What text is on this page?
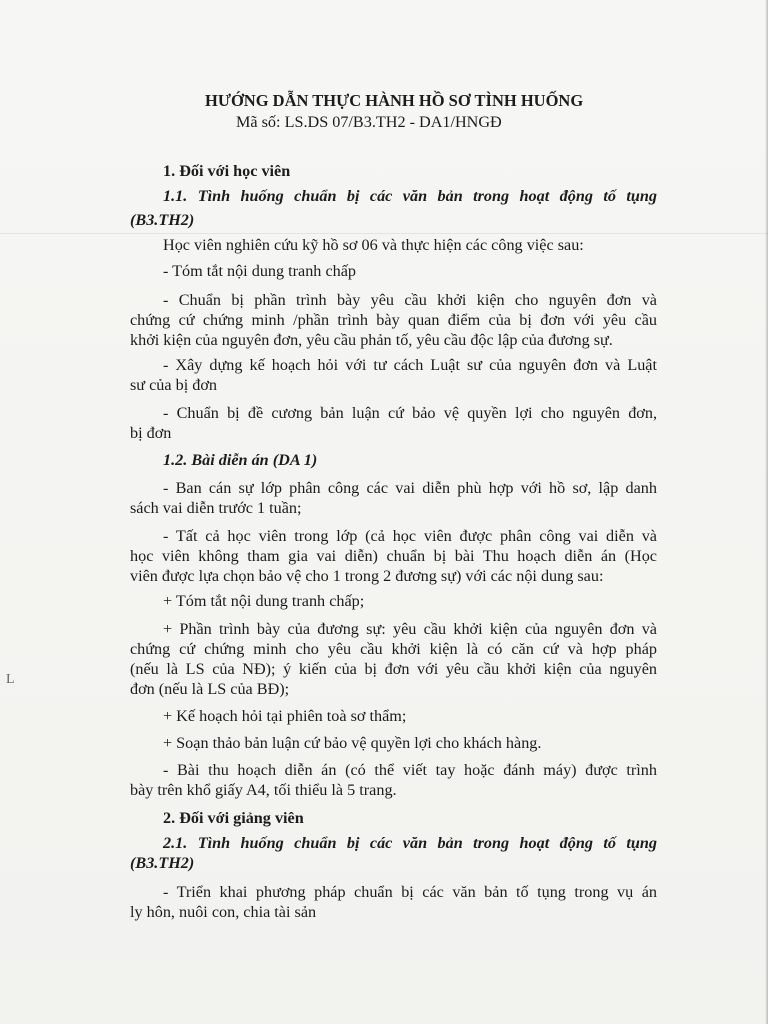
L
HƯỚNG DẪN THỰC HÀNH HỒ SƠ TÌNH HUỐNG
Mã số: LS.DS 07/B3.TH2 - DA1/HNGĐ
1. Đối với học viên
1.1. Tình huống chuẩn bị các văn bản trong hoạt động tố tụng
(B3.TH2)
Học viên nghiên cứu kỹ hồ sơ 06 và thực hiện các công việc sau:
- Tóm tắt nội dung tranh chấp
- Chuẩn bị phần trình bày yêu cầu khởi kiện cho nguyên đơn và
chứng cứ chứng minh /phần trình bày quan điểm của bị đơn với yêu cầu
khởi kiện của nguyên đơn, yêu cầu phản tố, yêu cầu độc lập của đương sự.
- Xây dựng kế hoạch hỏi với tư cách Luật sư của nguyên đơn và Luật
sư của bị đơn
- Chuẩn bị đề cương bản luận cứ bảo vệ quyền lợi cho nguyên đơn,
bị đơn
1.2. Bài diễn án (DA 1)
- Ban cán sự lớp phân công các vai diễn phù hợp với hồ sơ, lập danh
sách vai diễn trước 1 tuần;
- Tất cả học viên trong lớp (cả học viên được phân công vai diễn và
học viên không tham gia vai diễn) chuẩn bị bài Thu hoạch diễn án (Học
viên được lựa chọn bảo vệ cho 1 trong 2 đương sự) với các nội dung sau:
+ Tóm tắt nội dung tranh chấp;
+ Phần trình bày của đương sự: yêu cầu khởi kiện của nguyên đơn và
chứng cứ chứng minh cho yêu cầu khởi kiện là có căn cứ và hợp pháp
(nếu là LS của NĐ); ý kiến của bị đơn với yêu cầu khởi kiện của nguyên
đơn (nếu là LS của BĐ);
+ Kế hoạch hỏi tại phiên toà sơ thẩm;
+ Soạn thảo bản luận cứ bảo vệ quyền lợi cho khách hàng.
- Bài thu hoạch diễn án (có thể viết tay hoặc đánh máy) được trình
bày trên khổ giấy A4, tối thiểu là 5 trang.
2. Đối với giảng viên
2.1. Tình huống chuẩn bị các văn bản trong hoạt động tố tụng
(B3.TH2)
- Triển khai phương pháp chuẩn bị các văn bản tố tụng trong vụ án
ly hôn, nuôi con, chia tài sản
